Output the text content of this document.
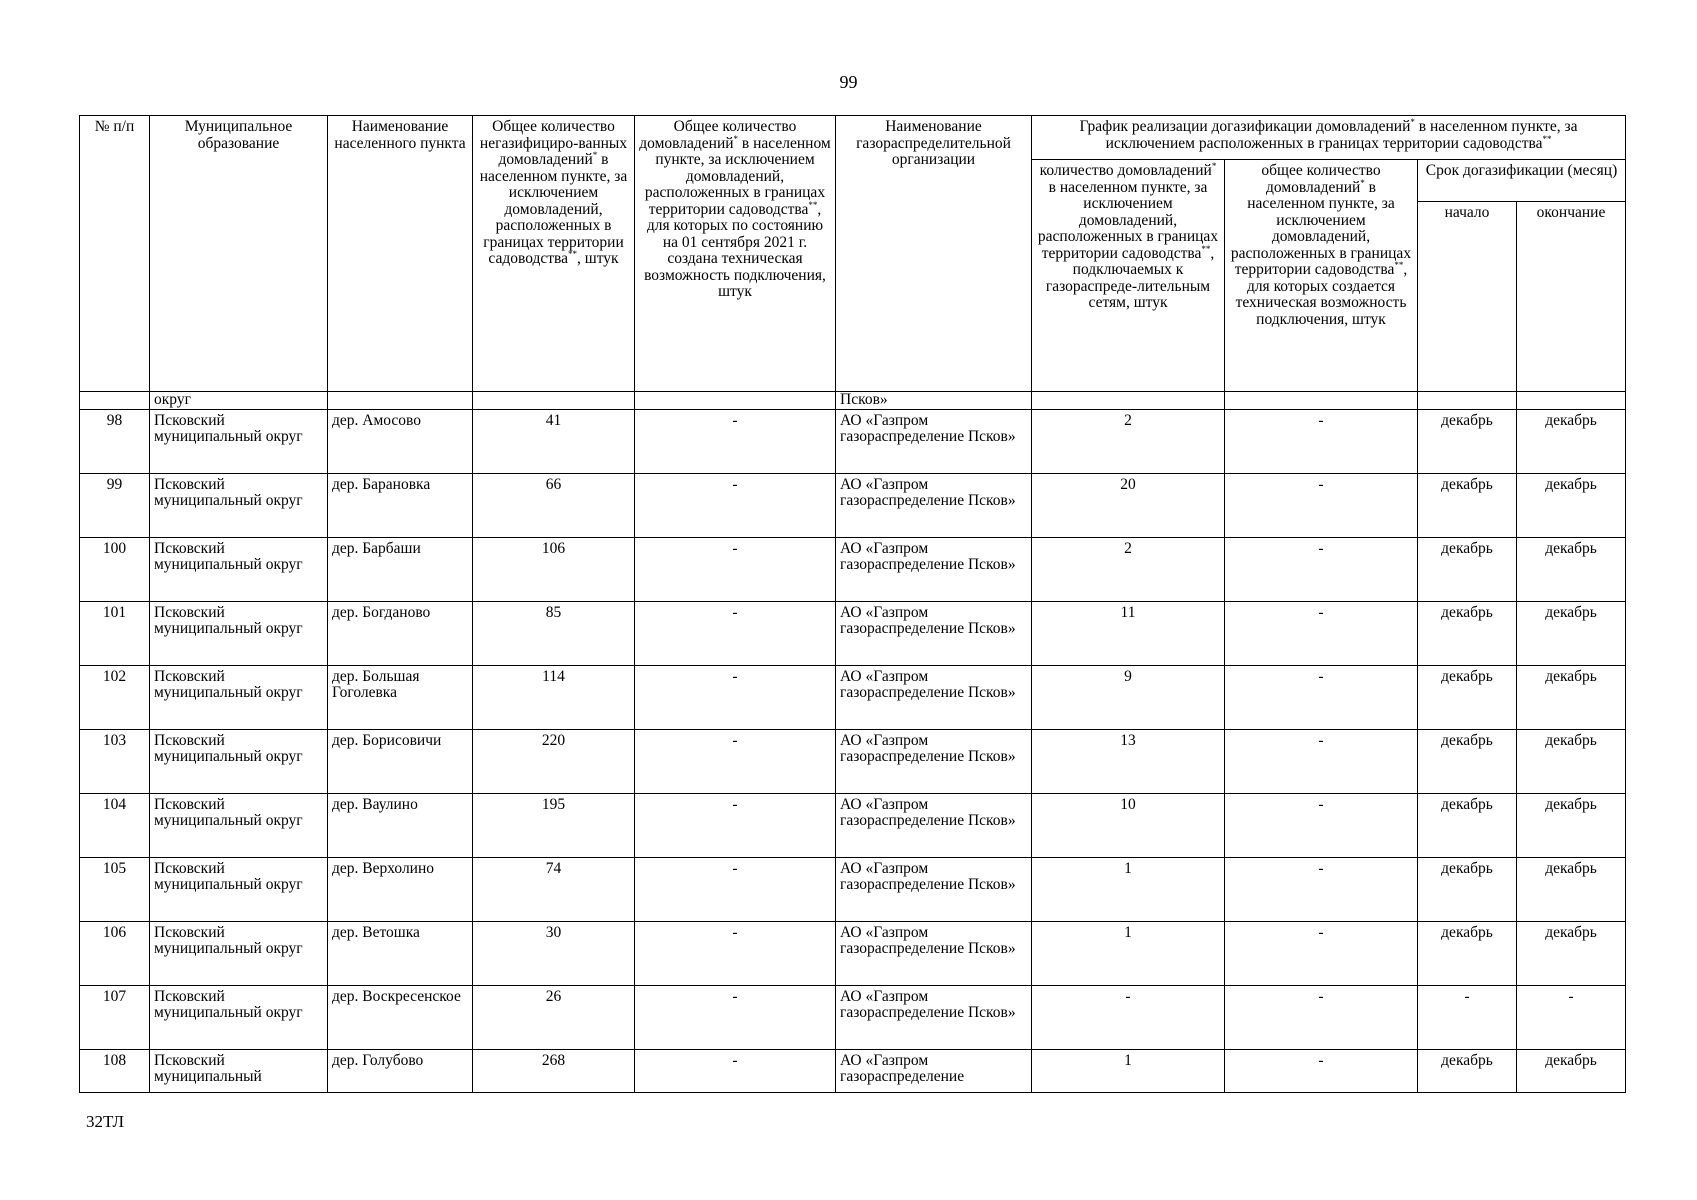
99
№ п/п	Муниципальное образование	Наименование населенного пункта	Общее количество негазифициро-ванных домовладений* в населенном пункте, за исключением домовладений, расположенных в границах территории садоводства**, штук	Общее количество домовладений* в населенном пункте, за исключением домовладений, расположенных в границах территории садоводства**, для которых по состоянию на 01 сентября 2021 г. создана техническая возможность подключения, штук	Наименование газораспределительной организации	График реализации догазификации домовладений* в населенном пункте, за исключением расположенных в границах территории садоводства**
						количество домовладений* в населенном пункте, за исключением домовладений, расположенных в границах территории садоводства**, подключаемых к газораспреде-лительным сетям, штук	общее количество домовладений* в населенном пункте, за исключением домовладений, расположенных в границах территории садоводства**, для которых создается техническая возможность подключения, штук	Срок догазификации (месяц)	
								начало	окончание
	округ				Псков»				
98	Псковский муниципальный округ	дер. Амосово	41	-	АО «Газпром газораспределение Псков»	2	-	декабрь	декабрь
99	Псковский муниципальный округ	дер. Барановка	66	-	АО «Газпром газораспределение Псков»	20	-	декабрь	декабрь
100	Псковский муниципальный округ	дер. Барбаши	106	-	АО «Газпром газораспределение Псков»	2	-	декабрь	декабрь
101	Псковский муниципальный округ	дер. Богданово	85	-	АО «Газпром газораспределение Псков»	11	-	декабрь	декабрь
102	Псковский муниципальный округ	дер. Большая Гоголевка	114	-	АО «Газпром газораспределение Псков»	9	-	декабрь	декабрь
103	Псковский муниципальный округ	дер. Борисовичи	220	-	АО «Газпром газораспределение Псков»	13	-	декабрь	декабрь
104	Псковский муниципальный округ	дер. Ваулино	195	-	АО «Газпром газораспределение Псков»	10	-	декабрь	декабрь
105	Псковский муниципальный округ	дер. Верхолино	74	-	АО «Газпром газораспределение Псков»	1	-	декабрь	декабрь
106	Псковский муниципальный округ	дер. Ветошка	30	-	АО «Газпром газораспределение Псков»	1	-	декабрь	декабрь
107	Псковский муниципальный округ	дер. Воскресенское	26	-	АО «Газпром газораспределение Псков»	-	-	-	-
108	Псковский муниципальный	дер. Голубово	268	-	АО «Газпром газораспределение	1	-	декабрь	декабрь
32ТЛ
